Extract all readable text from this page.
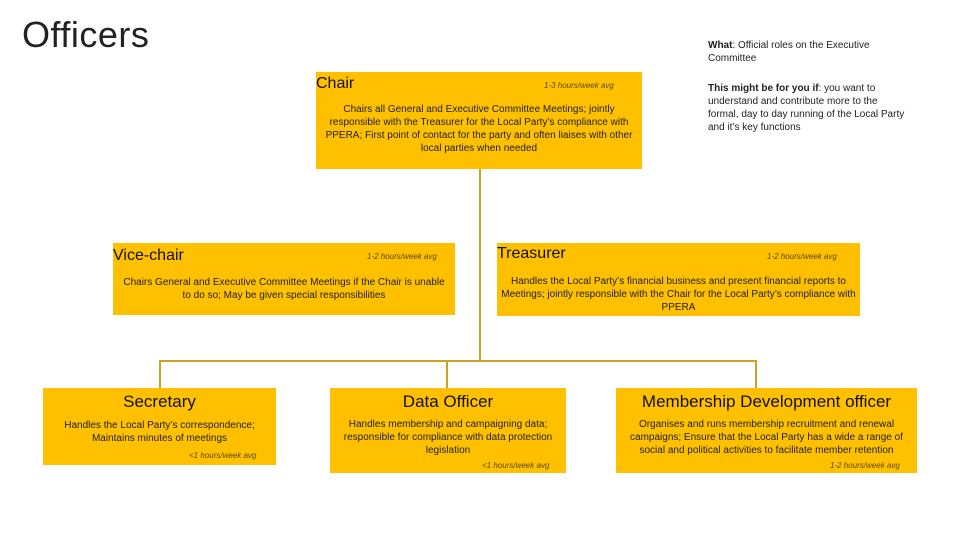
Officers	What: Official roles on the Executive Committee
This might be for you if: you want to understand and contribute more to the formal, day to day running of the Local Party and it’s key functions
Chair	1-3 hours/week avg
Chairs all General and Executive Committee Meetings; jointly responsible with the Treasurer for the Local Party’s compliance with PPERA; First point of contact for the party and often liaises with other local parties when needed
Vice-chair	1-2 hours/week avg
Chairs General and Executive Committee Meetings if the Chair is unable to do so; May be given special responsibilities
Treasurer	1-2 hours/week avg
Handles the Local Party’s financial business and present financial reports to Meetings; jointly responsible with the Chair for the Local Party’s compliance with PPERA
Secretary
Handles the Local Party’s correspondence; Maintains minutes of meetings
<1 hours/week avg
Data Officer
Handles membership and campaigning data; responsible for compliance with data protection legislation
<1 hours/week avg
Membership Development officer
Organises and runs membership recruitment and renewal campaigns; Ensure that the Local Party has a wide a range of social and political activities to facilitate member retention
1-2 hours/week avg
